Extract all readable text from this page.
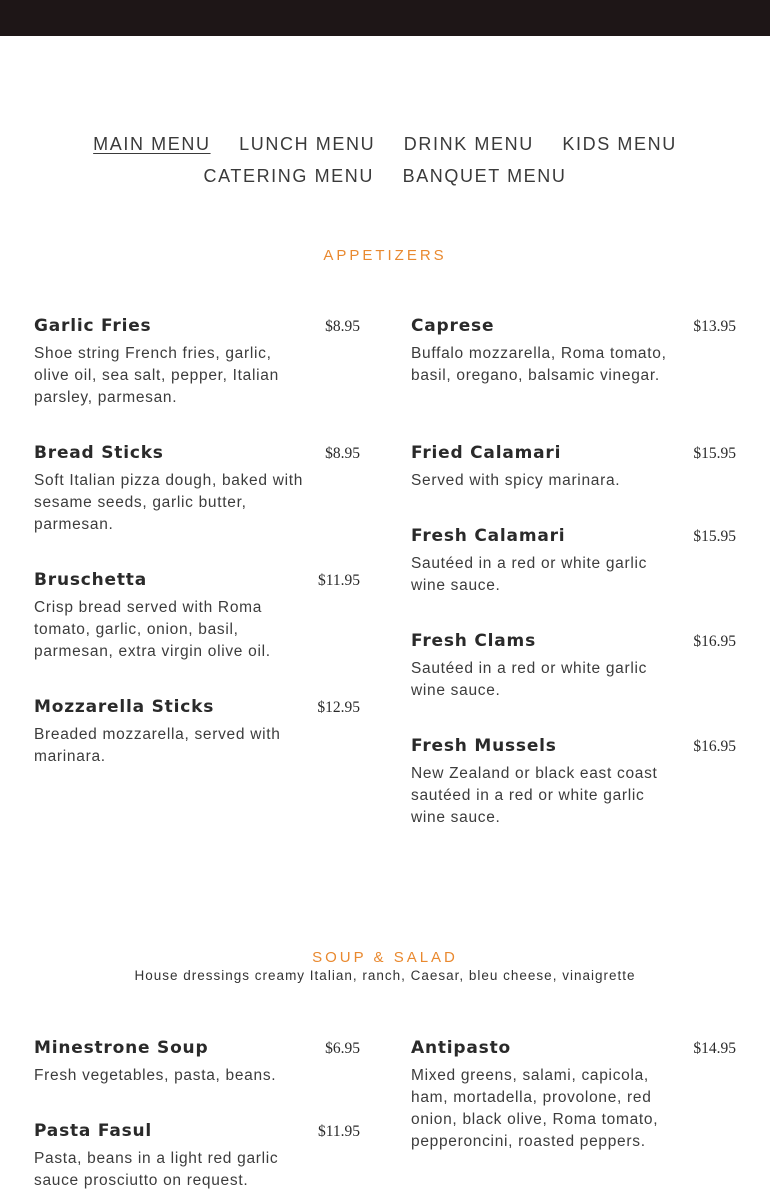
MAIN MENU LUNCH MENU DRINK MENU KIDS MENU
CATERING MENU BANQUET MENU
APPETIZERS
Garlic Fries	$8.95
Shoe string French fries, garlic, olive oil, sea salt, pepper, Italian parsley, parmesan.
Bread Sticks	$8.95
Soft Italian pizza dough, baked with sesame seeds, garlic butter, parmesan.
Bruschetta	$11.95
Crisp bread served with Roma tomato, garlic, onion, basil, parmesan, extra virgin olive oil.
Mozzarella Sticks	$12.95
Breaded mozzarella, served with marinara.
Caprese	$13.95
Buffalo mozzarella, Roma tomato, basil, oregano, balsamic vinegar.
Fried Calamari	$15.95
Served with spicy marinara.
Fresh Calamari	$15.95
Sautéed in a red or white garlic wine sauce.
Fresh Clams	$16.95
Sautéed in a red or white garlic wine sauce.
Fresh Mussels	$16.95
New Zealand or black east coast sautéed in a red or white garlic wine sauce.
SOUP & SALAD
House dressings creamy Italian, ranch, Caesar, bleu cheese, vinaigrette
Minestrone Soup	$6.95
Fresh vegetables, pasta, beans.
Pasta Fasul	$11.95
Pasta, beans in a light red garlic sauce prosciutto on request.
Antipasto	$14.95
Mixed greens, salami, capicola, ham, mortadella, provolone, red onion, black olive, Roma tomato, pepperoncini, roasted peppers.
